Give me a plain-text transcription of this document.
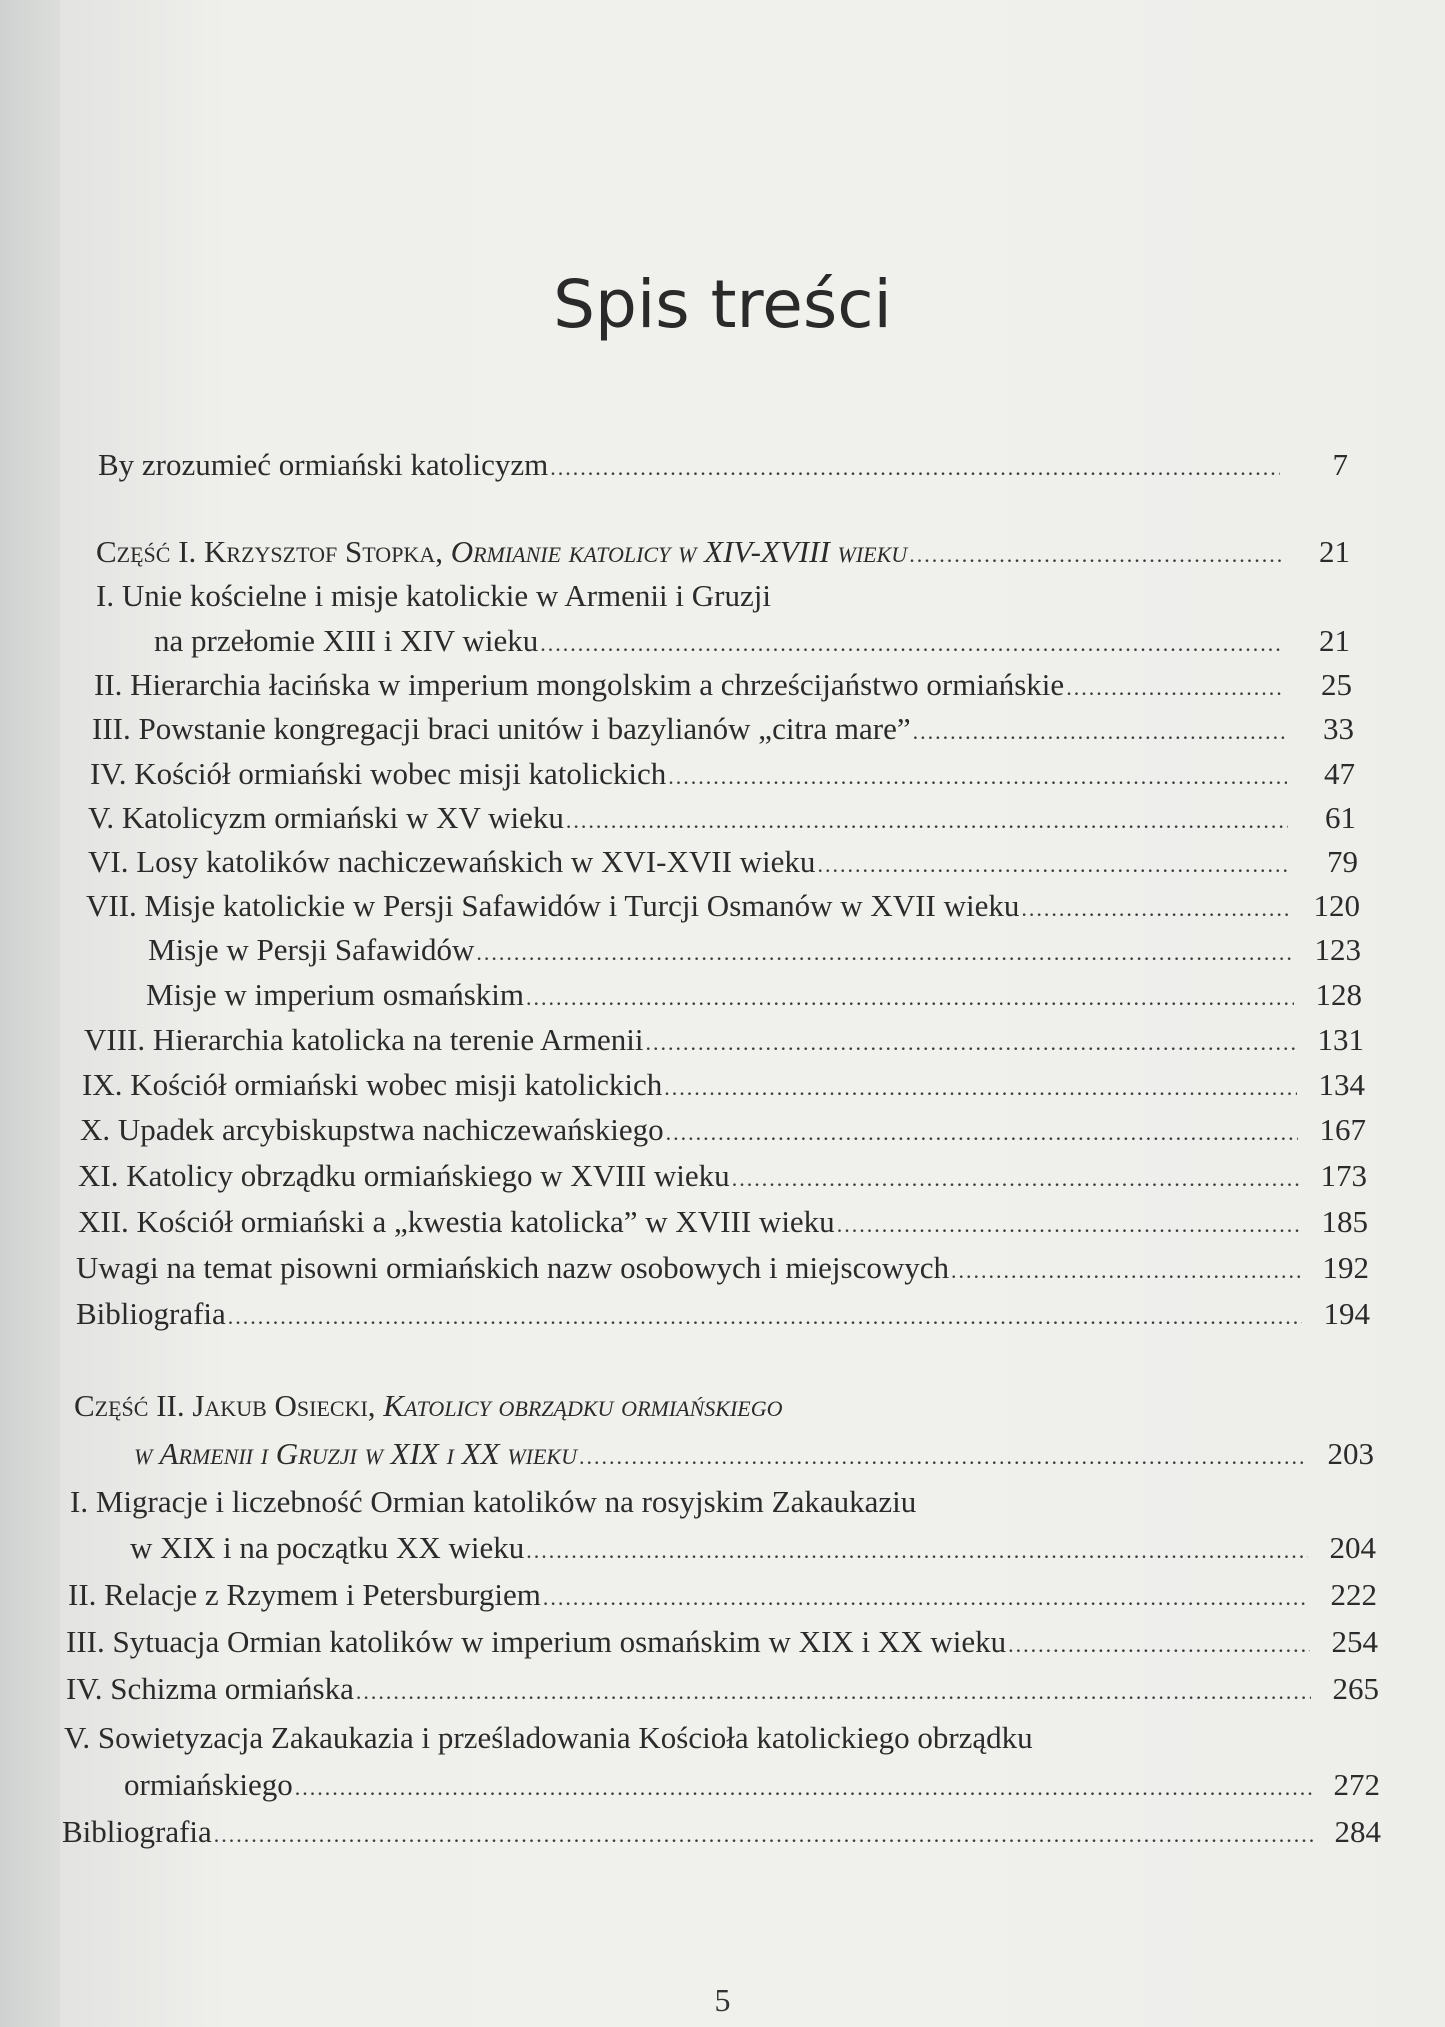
Spis treści
By zrozumieć ormiański katolicyzm .....	7
Część I. Krzysztof Stopka, Ormianie katolicy w XIV-XVIII wieku .....	21
I. Unie kościelne i misje katolickie w Armenii i Gruzji
na przełomie XIII i XIV wieku .....	21
II. Hierarchia łacińska w imperium mongolskim a chrześcijaństwo ormiańskie .....	25
III. Powstanie kongregacji braci unitów i bazylianów „citra mare” .....	33
IV. Kościół ormiański wobec misji katolickich .....	47
V. Katolicyzm ormiański w XV wieku .....	61
VI. Losy katolików nachiczewańskich w XVI-XVII wieku .....	79
VII. Misje katolickie w Persji Safawidów i Turcji Osmanów w XVII wieku .....	120
Misje w Persji Safawidów .....	123
Misje w imperium osmańskim .....	128
VIII. Hierarchia katolicka na terenie Armenii .....	131
IX. Kościół ormiański wobec misji katolickich .....	134
X. Upadek arcybiskupstwa nachiczewańskiego .....	167
XI. Katolicy obrządku ormiańskiego w XVIII wieku .....	173
XII. Kościół ormiański a „kwestia katolicka” w XVIII wieku .....	185
Uwagi na temat pisowni ormiańskich nazw osobowych i miejscowych .....	192
Bibliografia .....	194
Część II. Jakub Osiecki, Katolicy obrządku ormiańskiego
w Armenii i Gruzji w XIX i XX wieku .....	203
I. Migracje i liczebność Ormian katolików na rosyjskim Zakaukaziu
w XIX i na początku XX wieku .....	204
II. Relacje z Rzymem i Petersburgiem .....	222
III. Sytuacja Ormian katolików w imperium osmańskim w XIX i XX wieku .....	254
IV. Schizma ormiańska .....	265
V. Sowietyzacja Zakaukazia i prześladowania Kościoła katolickiego obrządku
ormiańskiego .....	272
Bibliografia .....	284
5
